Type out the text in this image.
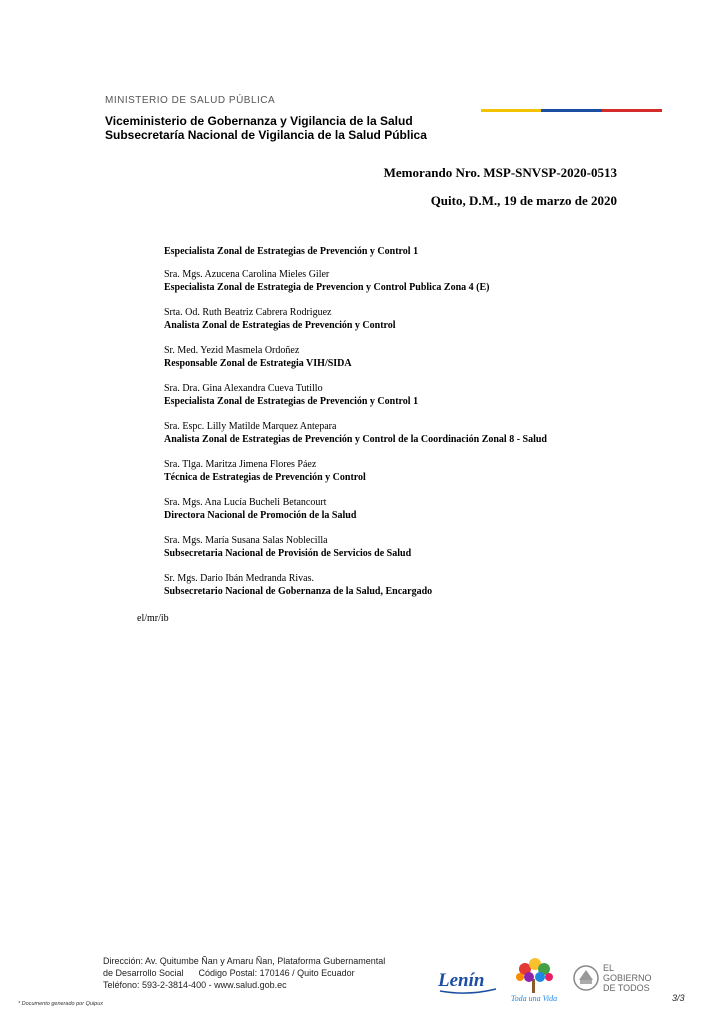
MINISTERIO DE SALUD PÚBLICA
Viceministerio de Gobernanza y Vigilancia de la Salud
Subsecretaría Nacional de Vigilancia de la Salud Pública
Memorando Nro. MSP-SNVSP-2020-0513
Quito, D.M., 19 de marzo de 2020
Especialista Zonal de Estrategias de Prevención y Control 1
Sra. Mgs. Azucena Carolina Mieles Giler
Especialista Zonal de Estrategia de Prevencion y Control Publica Zona 4 (E)
Srta. Od. Ruth Beatriz Cabrera Rodriguez
Analista Zonal de Estrategias de Prevención y Control
Sr. Med. Yezid Masmela Ordoñez
Responsable Zonal de Estrategia VIH/SIDA
Sra. Dra. Gina Alexandra Cueva Tutillo
Especialista Zonal de Estrategias de Prevención y Control 1
Sra. Espc. Lilly Matilde Marquez Antepara
Analista Zonal de Estrategias de Prevención y Control de la Coordinación Zonal 8 - Salud
Sra. Tlga. Maritza Jimena Flores Páez
Técnica de Estrategias de Prevención y Control
Sra. Mgs. Ana Lucía Bucheli Betancourt
Directora Nacional de Promoción de la Salud
Sra. Mgs. María Susana Salas Noblecilla
Subsecretaria Nacional de Provisión de Servicios de Salud
Sr. Mgs. Dario Ibán Medranda Rivas.
Subsecretario Nacional de Gobernanza de la Salud, Encargado
el/mr/ib
Dirección: Av. Quitumbe Ñan y Amaru Ñan, Plataforma Gubernamental
de Desarrollo Social      Código Postal: 170146 / Quito Ecuador
Teléfono: 593-2-3814-400 - www.salud.gob.ec	Lenín
Toda una Vida
EL
GOBIERNO
DE TODOS
* Documento generado por Quipux
3/3
